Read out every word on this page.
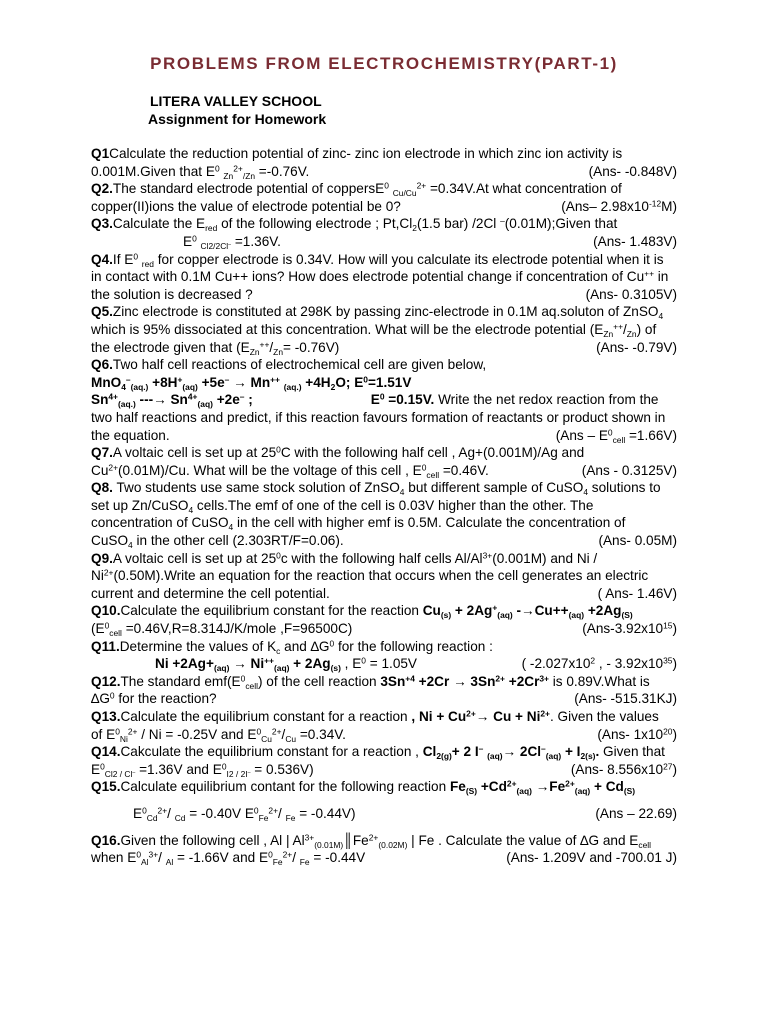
PROBLEMS FROM ELECTROCHEMISTRY(PART-1)
LITERA VALLEY SCHOOL
Assignment for Homework

Q1Calculate the reduction potential of zinc- zinc ion electrode in which zinc ion activity is

0.001M.Given that $E^0$ $_{Zn}^{2+}_{/Zn}$ =-0.76V.	(Ans- -0.848V)

Q2.The standard electrode potential of coppersE$^0$ $_{Cu/Cu}^{2+}$ =0.34V.At what concentration of

copper(II)ions the value of electrode potential be 0?	(Ans– $2.98x10^{-12}M$)

Q3.Calculate the $E_{red}$ of the following electrode ; $Pt,Cl_2(1.5$ bar) /2Cl –(0.01M);Given that

$E^0$ $_{Cl2/2Cl^-}$ =1.36V.	(Ans- 1.483V)

Q4.If $E^0$ $_{red}$ for copper electrode is 0.34V. How will you calculate its electrode potential when it is

in contact with 0.1M Cu++ ions? How does electrode potential change if concentration of Cu++ in

the solution is decreased ?	(Ans- 0.3105V)

Q5.Zinc electrode is constituted at 298K by passing zinc-electrode in 0.1M aq.soluton of ZnSO$_4$

which is 95% dissociated at this concentration. What will be the electrode potential $(E_{Zn}^{++}/_{Zn})$ of

the electrode given that $(E_{Zn}^{++}/_{Zn}= -0.76V)$	(Ans- -0.79V)

Q6.Two half cell reactions of electrochemical cell are given below,

$MnO_4^-_{(aq.)} +8H^+_{(aq)} +5e^- \to Mn^{++}$ $_{(aq.)} +4H_2O$; $E^0=1.51V$

$Sn^{4+}_{(aq.)}$ ---→ $Sn^{4+}_{(aq)} +2e^-$ ;	$E^0 =0.15V$. Write the net redox reaction from the

two half reactions and predict, if this reaction favours formation of reactants or product shown in

the equation.	$(Ans - E^0_{cell} =1.66V)$

Q7.A voltaic cell is set up at $25^0C$ with the following half cell , Ag+(0.001M)/Ag and

$Cu^{2+}(0.01M)/Cu$. What will be the voltage of this cell , $E^0_{cell} =0.46V$.	(Ans - 0.3125V)

Q8. Two students use same stock solution of ZnSO$_4$ but different sample of CuSO$_4$ solutions to

set up Zn/CuSO$_4$ cells.The emf of one of the cell is 0.03V higher than the other. The

concentration of CuSO$_4$ in the cell with higher emf is 0.5M. Calculate the concentration of

CuSO$_4$ in the other cell (2.303RT/F=0.06).	(Ans- 0.05M)

Q9.A voltaic cell is set up at $25^0c$ with the following half cells $Al/Al^{3+}(0.001M)$ and Ni /

$Ni^{2+}(0.50M).Write$ an equation for the reaction that occurs when the cell generates an electric

current and determine the cell potential.	( Ans- 1.46V)

Q10.Calculate the equilibrium constant for the reaction $Cu_{(s)} + 2Ag^+_{(aq)}$ $-\to Cu++_{(aq)} +2Ag_{(S)}$

($E^0_{cell}$ =0.46V,R=8.314J/K/mole ,F=96500C)	$(Ans-3.92x10^{15})$

Q11.Determine the values of $K_c$ and $\Delta G^0$ for the following reaction :

$Ni +2Ag+_{(aq)} \to Ni^{++}_{(aq)} + 2Ag_{(s)}$ , $E^0 = 1.05V$	( $-2.027x10^2$ , - $3.92x10^{35}$)

Q12.The standard $emf(E^0_{cell})$ of the cell reaction $3Sn^{+4} +2Cr \to 3Sn^{2+} +2Cr^{3+}$ is 0.89V.What is

$\Delta G^0$ for the reaction?	(Ans- -515.31KJ)

Q13.Calculate the equilibrium constant for a reaction , $Ni + Cu^{2+}\to Cu + Ni^{2+}$. Given the values

of $E^0_{Ni}^{2+} / Ni = -0.25V$ and $E^0_{Cu}^{2+}/_{Cu} =0.34V$.	(Ans- $1x10^{20}$)

Q14.Cakculate the equilibrium constant for a reaction , $Cl_{2(g)}+ 2$ I– $_{(aq)}\to 2Cl^-_{(aq)} + I_{2(s)}$. Given that

$E^0_{Cl2 / Cl^-} =1.36V$ and $E^0_{I2 / 2I^-} = 0.536V$)	(Ans- $8.556x10^{27}$)

Q15.Calculate equilibrium contant for the following reaction $Fe_{(S)} +Cd^{2+}_{(aq)} \to Fe^{2+}_{(aq)} + Cd_{(S)}$

$E^0_{Cd}^{2+}/$ $_{Cd}$ = -0.40V $E^0_{Fe}^{2+}/$ $_{Fe}$ = -0.44V)	(Ans – 22.69)

Q16.Given the following cell , Al | $Al^{3+}_{(0.01M)}║Fe^{2+}_{(0.02M)}$ | Fe . Calculate the value of ∆G and $E_{cell}$

when $E^0_{Al}^{3+}/$ $_{Al}$ = -1.66V and $E^0_{Fe}^{2+}/$ $_{Fe}$ = -0.44V	(Ans- 1.209V and -700.01 J)
